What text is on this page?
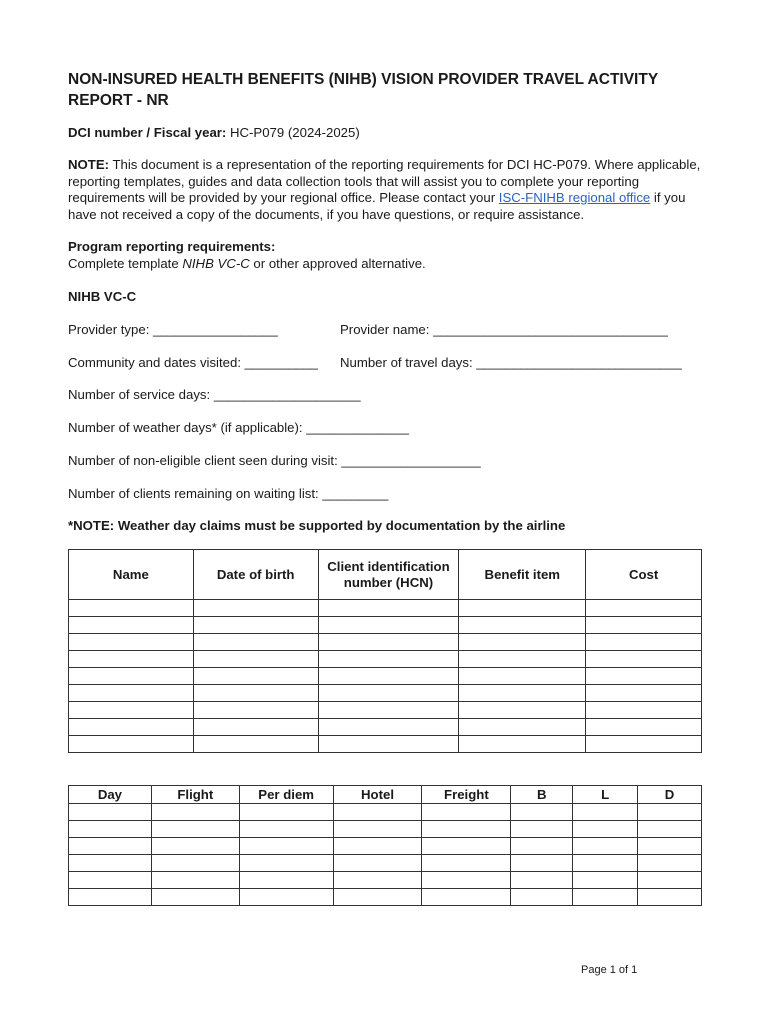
NON-INSURED HEALTH BENEFITS (NIHB) VISION PROVIDER TRAVEL ACTIVITY REPORT - NR
DCI number / Fiscal year: HC-P079 (2024-2025)
NOTE: This document is a representation of the reporting requirements for DCI HC-P079. Where applicable, reporting templates, guides and data collection tools that will assist you to complete your reporting requirements will be provided by your regional office. Please contact your ISC-FNIHB regional office if you have not received a copy of the documents, if you have questions, or require assistance.
Program reporting requirements:
Complete template NIHB VC-C or other approved alternative.
NIHB VC-C
Provider type: _________________	Provider name: ________________________________
Community and dates visited: __________ Number of travel days: ____________________________
Number of service days: ____________________
Number of weather days* (if applicable): ______________
Number of non-eligible client seen during visit: ___________________
Number of clients remaining on waiting list: _________
*NOTE: Weather day claims must be supported by documentation by the airline
Name	Date of birth	Client identification number (HCN)	Benefit item	Cost

Day	Flight	Per diem	Hotel	Freight	B	L	D

Page 1 of 1
